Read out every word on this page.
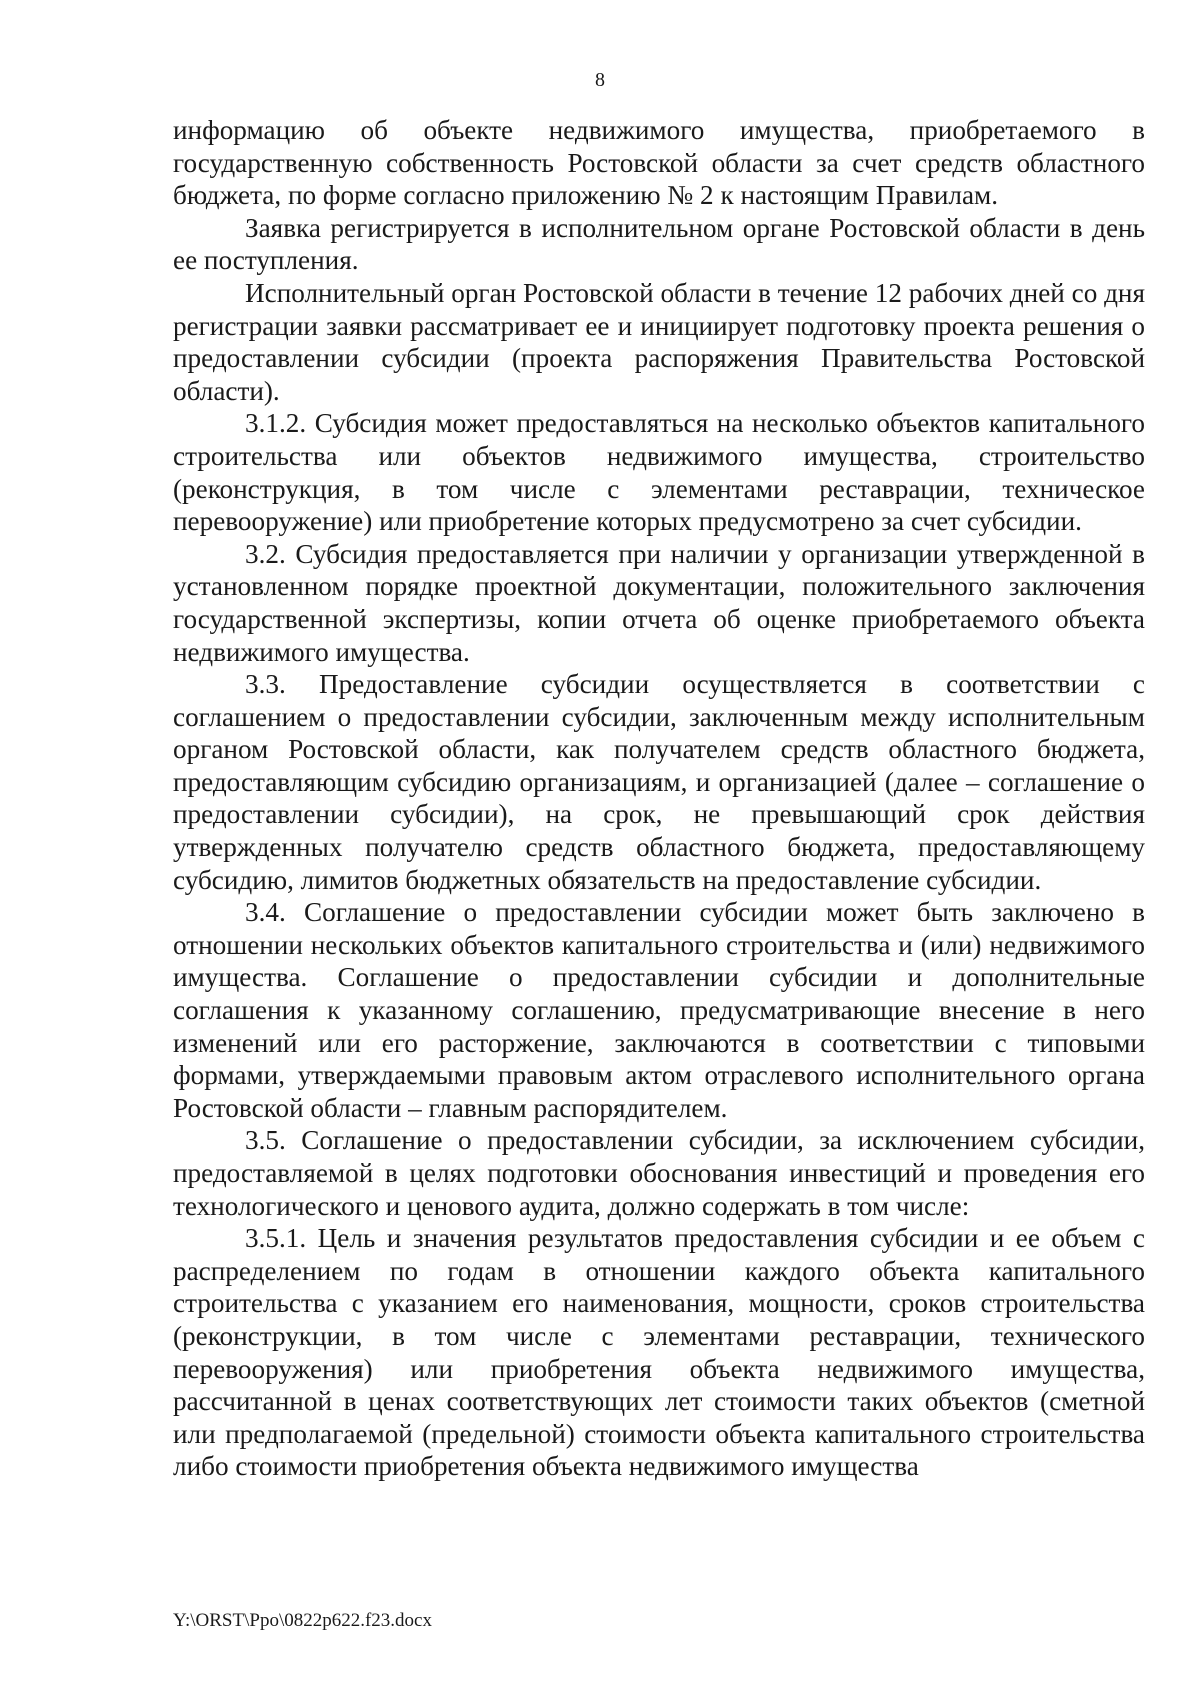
8

информацию об объекте недвижимого имущества, приобретаемого в государственную собственность Ростовской области за счет средств областного бюджета, по форме согласно приложению № 2 к настоящим Правилам.

Заявка регистрируется в исполнительном органе Ростовской области в день ее поступления.

Исполнительный орган Ростовской области в течение 12 рабочих дней со дня регистрации заявки рассматривает ее и инициирует подготовку проекта решения о предоставлении субсидии (проекта распоряжения Правительства Ростовской области).

3.1.2. Субсидия может предоставляться на несколько объектов капитального строительства или объектов недвижимого имущества, строительство (реконструкция, в том числе с элементами реставрации, техническое перевооружение) или приобретение которых предусмотрено за счет субсидии.

3.2. Субсидия предоставляется при наличии у организации утвержденной в установленном порядке проектной документации, положительного заключения государственной экспертизы, копии отчета об оценке приобретаемого объекта недвижимого имущества.

3.3. Предоставление субсидии осуществляется в соответствии с соглашением о предоставлении субсидии, заключенным между исполнительным органом Ростовской области, как получателем средств областного бюджета, предоставляющим субсидию организациям, и организацией (далее – соглашение о предоставлении субсидии), на срок, не превышающий срок действия утвержденных получателю средств областного бюджета, предоставляющему субсидию, лимитов бюджетных обязательств на предоставление субсидии.

3.4. Соглашение о предоставлении субсидии может быть заключено в отношении нескольких объектов капитального строительства и (или) недвижимого имущества. Соглашение о предоставлении субсидии и дополнительные соглашения к указанному соглашению, предусматривающие внесение в него изменений или его расторжение, заключаются в соответствии с типовыми формами, утверждаемыми правовым актом отраслевого исполнительного органа Ростовской области – главным распорядителем.

3.5. Соглашение о предоставлении субсидии, за исключением субсидии, предоставляемой в целях подготовки обоснования инвестиций и проведения его технологического и ценового аудита, должно содержать в том числе:

3.5.1. Цель и значения результатов предоставления субсидии и ее объем с распределением по годам в отношении каждого объекта капитального строительства с указанием его наименования, мощности, сроков строительства (реконструкции, в том числе с элементами реставрации, технического перевооружения) или приобретения объекта недвижимого имущества, рассчитанной в ценах соответствующих лет стоимости таких объектов (сметной или предполагаемой (предельной) стоимости объекта капитального строительства либо стоимости приобретения объекта недвижимого имущества

Y:\ORST\Ppo\0822p622.f23.docx
